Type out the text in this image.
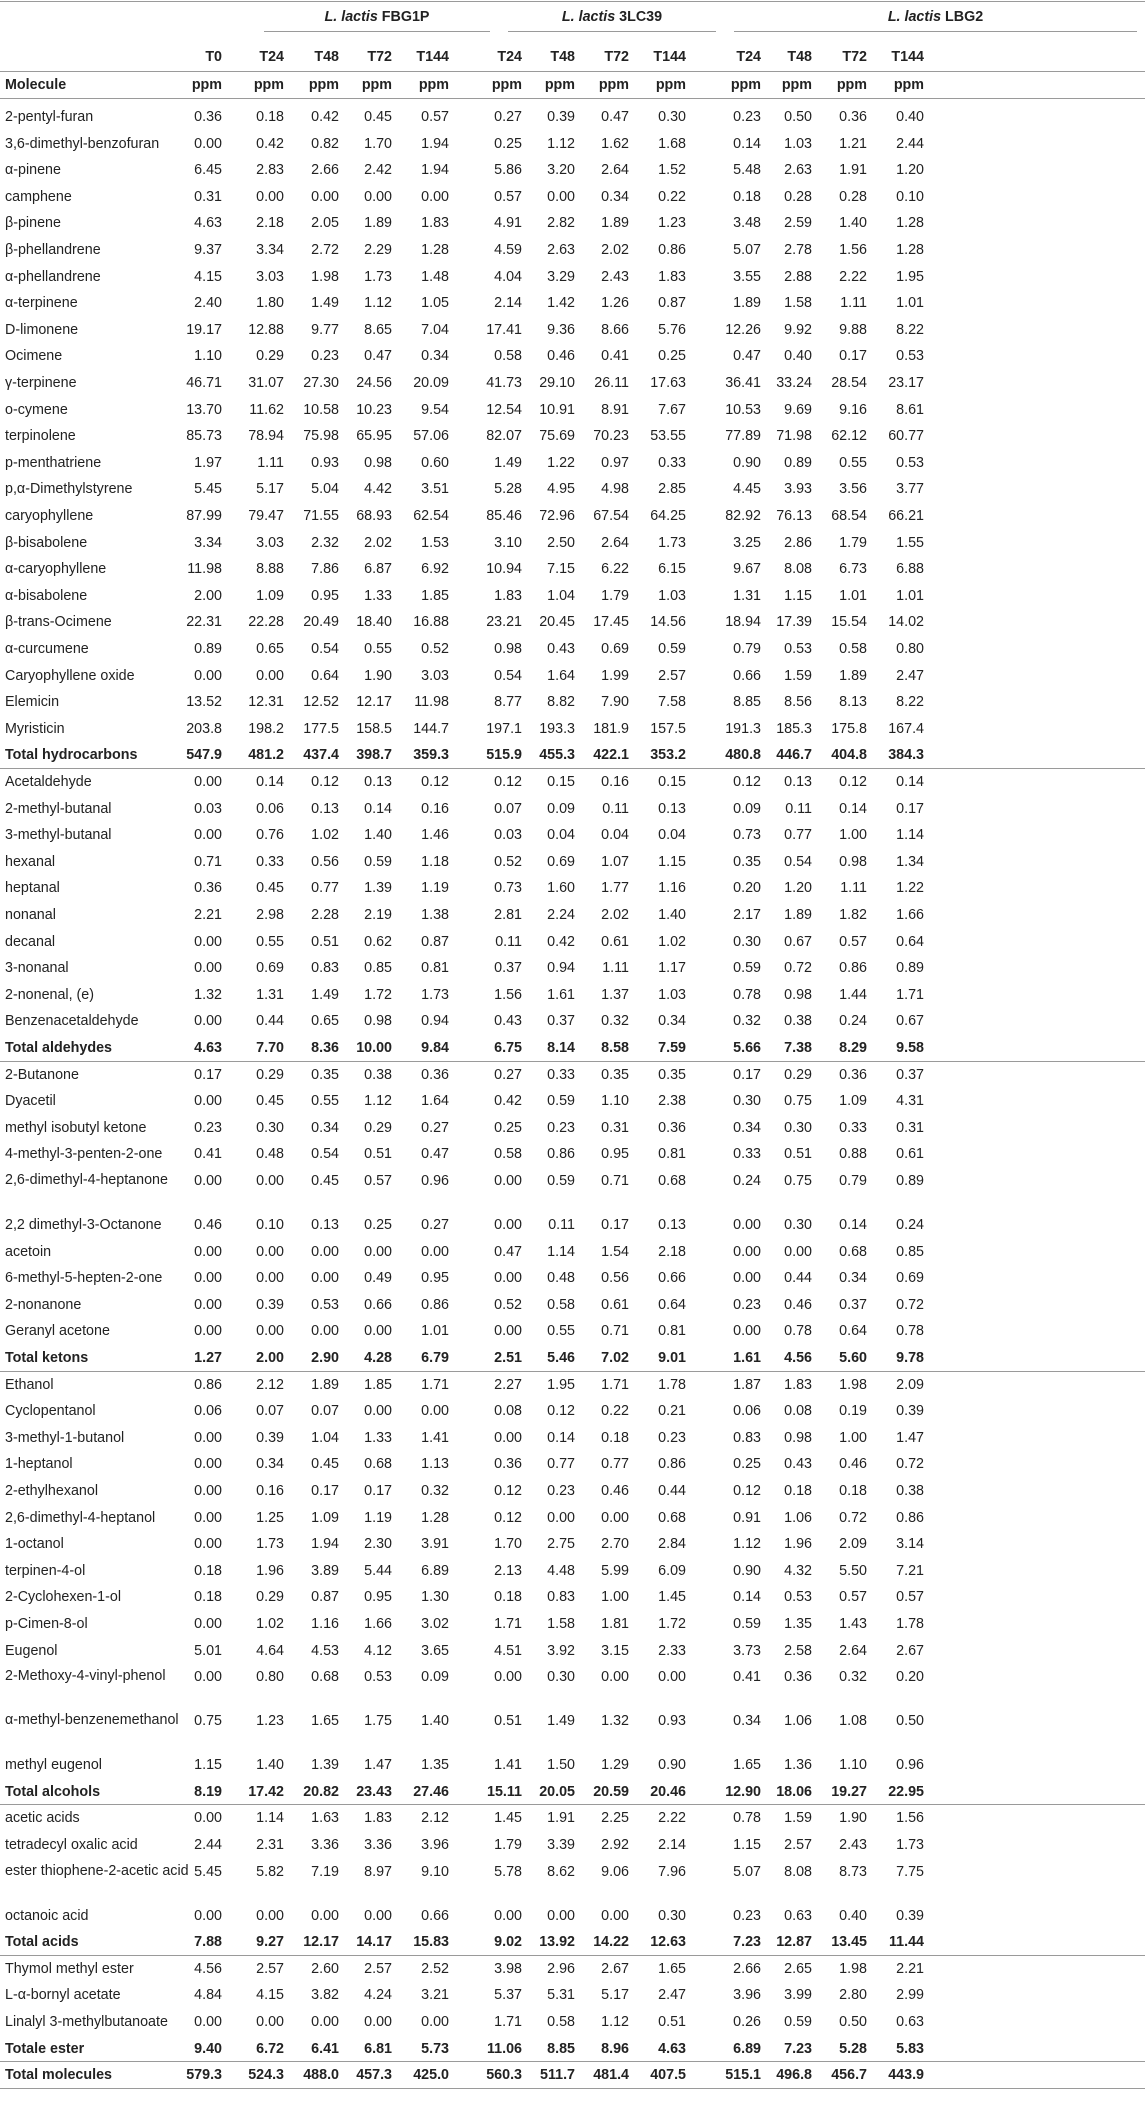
L. lactis FBG1P	L. lactis 3LC39	L. lactis LBG2
T0	T24	T48	T72	T144	T24	T48	T72	T144	T24	T48	T72	T144
Molecule	ppm	ppm	ppm	ppm	ppm	ppm	ppm	ppm	ppm	ppm	ppm	ppm	ppm
2-pentyl-furan	0.36	0.18	0.42	0.45	0.57	0.27	0.39	0.47	0.30	0.23	0.50	0.36	0.40
3,6-dimethyl-benzofuran	0.00	0.42	0.82	1.70	1.94	0.25	1.12	1.62	1.68	0.14	1.03	1.21	2.44
α-pinene	6.45	2.83	2.66	2.42	1.94	5.86	3.20	2.64	1.52	5.48	2.63	1.91	1.20
camphene	0.31	0.00	0.00	0.00	0.00	0.57	0.00	0.34	0.22	0.18	0.28	0.28	0.10
β-pinene	4.63	2.18	2.05	1.89	1.83	4.91	2.82	1.89	1.23	3.48	2.59	1.40	1.28
β-phellandrene	9.37	3.34	2.72	2.29	1.28	4.59	2.63	2.02	0.86	5.07	2.78	1.56	1.28
α-phellandrene	4.15	3.03	1.98	1.73	1.48	4.04	3.29	2.43	1.83	3.55	2.88	2.22	1.95
α-terpinene	2.40	1.80	1.49	1.12	1.05	2.14	1.42	1.26	0.87	1.89	1.58	1.11	1.01
D-limonene	19.17	12.88	9.77	8.65	7.04	17.41	9.36	8.66	5.76	12.26	9.92	9.88	8.22
Ocimene	1.10	0.29	0.23	0.47	0.34	0.58	0.46	0.41	0.25	0.47	0.40	0.17	0.53
γ-terpinene	46.71	31.07	27.30	24.56	20.09	41.73	29.10	26.11	17.63	36.41	33.24	28.54	23.17
o-cymene	13.70	11.62	10.58	10.23	9.54	12.54	10.91	8.91	7.67	10.53	9.69	9.16	8.61
terpinolene	85.73	78.94	75.98	65.95	57.06	82.07	75.69	70.23	53.55	77.89	71.98	62.12	60.77
p-menthatriene	1.97	1.11	0.93	0.98	0.60	1.49	1.22	0.97	0.33	0.90	0.89	0.55	0.53
p,α-Dimethylstyrene	5.45	5.17	5.04	4.42	3.51	5.28	4.95	4.98	2.85	4.45	3.93	3.56	3.77
caryophyllene	87.99	79.47	71.55	68.93	62.54	85.46	72.96	67.54	64.25	82.92	76.13	68.54	66.21
β-bisabolene	3.34	3.03	2.32	2.02	1.53	3.10	2.50	2.64	1.73	3.25	2.86	1.79	1.55
α-caryophyllene	11.98	8.88	7.86	6.87	6.92	10.94	7.15	6.22	6.15	9.67	8.08	6.73	6.88
α-bisabolene	2.00	1.09	0.95	1.33	1.85	1.83	1.04	1.79	1.03	1.31	1.15	1.01	1.01
β-trans-Ocimene	22.31	22.28	20.49	18.40	16.88	23.21	20.45	17.45	14.56	18.94	17.39	15.54	14.02
α-curcumene	0.89	0.65	0.54	0.55	0.52	0.98	0.43	0.69	0.59	0.79	0.53	0.58	0.80
Caryophyllene oxide	0.00	0.00	0.64	1.90	3.03	0.54	1.64	1.99	2.57	0.66	1.59	1.89	2.47
Elemicin	13.52	12.31	12.52	12.17	11.98	8.77	8.82	7.90	7.58	8.85	8.56	8.13	8.22
Myristicin	203.8	198.2	177.5	158.5	144.7	197.1	193.3	181.9	157.5	191.3	185.3	175.8	167.4
Total hydrocarbons	547.9	481.2	437.4	398.7	359.3	515.9	455.3	422.1	353.2	480.8	446.7	404.8	384.3
Acetaldehyde	0.00	0.14	0.12	0.13	0.12	0.12	0.15	0.16	0.15	0.12	0.13	0.12	0.14
2-methyl-butanal	0.03	0.06	0.13	0.14	0.16	0.07	0.09	0.11	0.13	0.09	0.11	0.14	0.17
3-methyl-butanal	0.00	0.76	1.02	1.40	1.46	0.03	0.04	0.04	0.04	0.73	0.77	1.00	1.14
hexanal	0.71	0.33	0.56	0.59	1.18	0.52	0.69	1.07	1.15	0.35	0.54	0.98	1.34
heptanal	0.36	0.45	0.77	1.39	1.19	0.73	1.60	1.77	1.16	0.20	1.20	1.11	1.22
nonanal	2.21	2.98	2.28	2.19	1.38	2.81	2.24	2.02	1.40	2.17	1.89	1.82	1.66
decanal	0.00	0.55	0.51	0.62	0.87	0.11	0.42	0.61	1.02	0.30	0.67	0.57	0.64
3-nonanal	0.00	0.69	0.83	0.85	0.81	0.37	0.94	1.11	1.17	0.59	0.72	0.86	0.89
2-nonenal, (e)	1.32	1.31	1.49	1.72	1.73	1.56	1.61	1.37	1.03	0.78	0.98	1.44	1.71
Benzenacetaldehyde	0.00	0.44	0.65	0.98	0.94	0.43	0.37	0.32	0.34	0.32	0.38	0.24	0.67
Total aldehydes	4.63	7.70	8.36	10.00	9.84	6.75	8.14	8.58	7.59	5.66	7.38	8.29	9.58
2-Butanone	0.17	0.29	0.35	0.38	0.36	0.27	0.33	0.35	0.35	0.17	0.29	0.36	0.37
Dyacetil	0.00	0.45	0.55	1.12	1.64	0.42	0.59	1.10	2.38	0.30	0.75	1.09	4.31
methyl isobutyl ketone	0.23	0.30	0.34	0.29	0.27	0.25	0.23	0.31	0.36	0.34	0.30	0.33	0.31
4-methyl-3-penten-2-one	0.41	0.48	0.54	0.51	0.47	0.58	0.86	0.95	0.81	0.33	0.51	0.88	0.61
2,6-dimethyl-4-heptanone	0.00	0.00	0.45	0.57	0.96	0.00	0.59	0.71	0.68	0.24	0.75	0.79	0.89
2,2 dimethyl-3-Octanone	0.46	0.10	0.13	0.25	0.27	0.00	0.11	0.17	0.13	0.00	0.30	0.14	0.24
acetoin	0.00	0.00	0.00	0.00	0.00	0.47	1.14	1.54	2.18	0.00	0.00	0.68	0.85
6-methyl-5-hepten-2-one	0.00	0.00	0.00	0.49	0.95	0.00	0.48	0.56	0.66	0.00	0.44	0.34	0.69
2-nonanone	0.00	0.39	0.53	0.66	0.86	0.52	0.58	0.61	0.64	0.23	0.46	0.37	0.72
Geranyl acetone	0.00	0.00	0.00	0.00	1.01	0.00	0.55	0.71	0.81	0.00	0.78	0.64	0.78
Total ketons	1.27	2.00	2.90	4.28	6.79	2.51	5.46	7.02	9.01	1.61	4.56	5.60	9.78
Ethanol	0.86	2.12	1.89	1.85	1.71	2.27	1.95	1.71	1.78	1.87	1.83	1.98	2.09
Cyclopentanol	0.06	0.07	0.07	0.00	0.00	0.08	0.12	0.22	0.21	0.06	0.08	0.19	0.39
3-methyl-1-butanol	0.00	0.39	1.04	1.33	1.41	0.00	0.14	0.18	0.23	0.83	0.98	1.00	1.47
1-heptanol	0.00	0.34	0.45	0.68	1.13	0.36	0.77	0.77	0.86	0.25	0.43	0.46	0.72
2-ethylhexanol	0.00	0.16	0.17	0.17	0.32	0.12	0.23	0.46	0.44	0.12	0.18	0.18	0.38
2,6-dimethyl-4-heptanol	0.00	1.25	1.09	1.19	1.28	0.12	0.00	0.00	0.68	0.91	1.06	0.72	0.86
1-octanol	0.00	1.73	1.94	2.30	3.91	1.70	2.75	2.70	2.84	1.12	1.96	2.09	3.14
terpinen-4-ol	0.18	1.96	3.89	5.44	6.89	2.13	4.48	5.99	6.09	0.90	4.32	5.50	7.21
2-Cyclohexen-1-ol	0.18	0.29	0.87	0.95	1.30	0.18	0.83	1.00	1.45	0.14	0.53	0.57	0.57
p-Cimen-8-ol	0.00	1.02	1.16	1.66	3.02	1.71	1.58	1.81	1.72	0.59	1.35	1.43	1.78
Eugenol	5.01	4.64	4.53	4.12	3.65	4.51	3.92	3.15	2.33	3.73	2.58	2.64	2.67
2-Methoxy-4-vinyl-phenol	0.00	0.80	0.68	0.53	0.09	0.00	0.30	0.00	0.00	0.41	0.36	0.32	0.20
α-methyl-benzenemethanol	0.75	1.23	1.65	1.75	1.40	0.51	1.49	1.32	0.93	0.34	1.06	1.08	0.50
methyl eugenol	1.15	1.40	1.39	1.47	1.35	1.41	1.50	1.29	0.90	1.65	1.36	1.10	0.96
Total alcohols	8.19	17.42	20.82	23.43	27.46	15.11	20.05	20.59	20.46	12.90	18.06	19.27	22.95
acetic acids	0.00	1.14	1.63	1.83	2.12	1.45	1.91	2.25	2.22	0.78	1.59	1.90	1.56
tetradecyl oxalic acid	2.44	2.31	3.36	3.36	3.96	1.79	3.39	2.92	2.14	1.15	2.57	2.43	1.73
ester thiophene-2-acetic acid 5.45	5.82	7.19	8.97	9.10	5.78	8.62	9.06	7.96	5.07	8.08	8.73	7.75
octanoic acid	0.00	0.00	0.00	0.00	0.66	0.00	0.00	0.00	0.30	0.23	0.63	0.40	0.39
Total acids	7.88	9.27	12.17	14.17	15.83	9.02	13.92	14.22	12.63	7.23	12.87	13.45	11.44
Thymol methyl ester	4.56	2.57	2.60	2.57	2.52	3.98	2.96	2.67	1.65	2.66	2.65	1.98	2.21
L-α-bornyl acetate	4.84	4.15	3.82	4.24	3.21	5.37	5.31	5.17	2.47	3.96	3.99	2.80	2.99
Linalyl 3-methylbutanoate	0.00	0.00	0.00	0.00	0.00	1.71	0.58	1.12	0.51	0.26	0.59	0.50	0.63
Totale ester	9.40	6.72	6.41	6.81	5.73	11.06	8.85	8.96	4.63	6.89	7.23	5.28	5.83
Total molecules	579.3	524.3	488.0	457.3	425.0	560.3	511.7	481.4	407.5	515.1	496.8	456.7	443.9
